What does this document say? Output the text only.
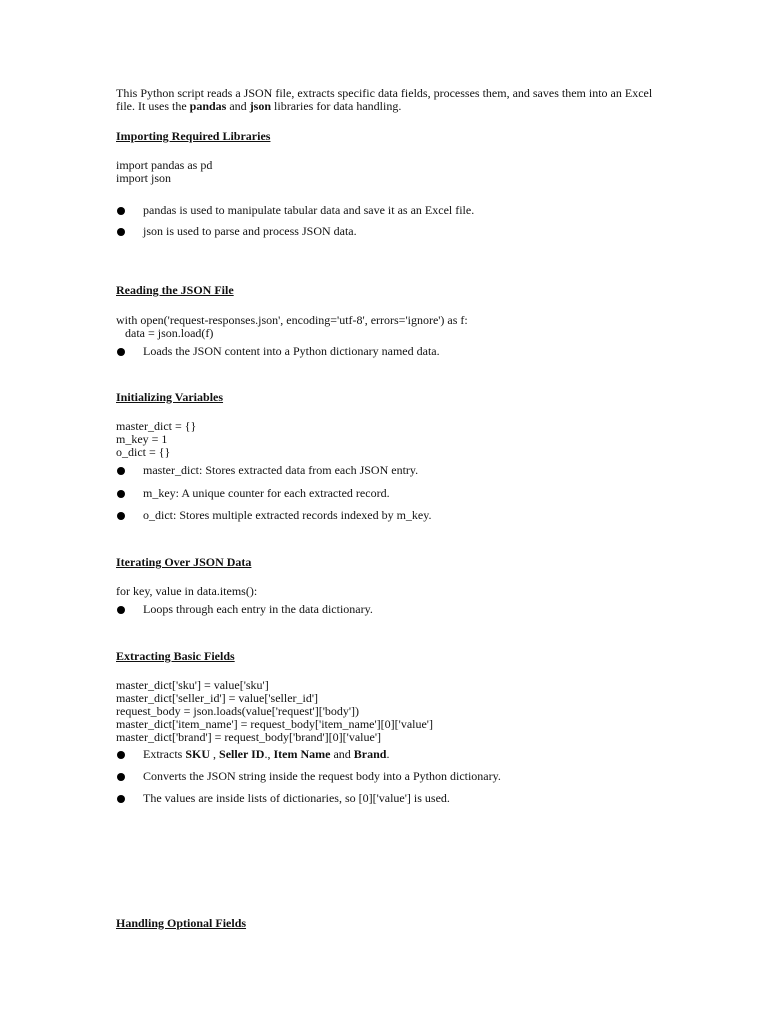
This Python script reads a JSON file, extracts specific data fields, processes them, and saves them into an Excel file. It uses the pandas and json libraries for data handling.
Importing Required Libraries
import pandas as pd
import json
pandas is used to manipulate tabular data and save it as an Excel file.
json is used to parse and process JSON data.
Reading the JSON File
with open('request-responses.json', encoding='utf-8', errors='ignore') as f:
data = json.load(f)
Loads the JSON content into a Python dictionary named data.
Initializing Variables
master_dict = {}
m_key = 1
o_dict = {}
master_dict: Stores extracted data from each JSON entry.
m_key: A unique counter for each extracted record.
o_dict: Stores multiple extracted records indexed by m_key.
Iterating Over JSON Data
for key, value in data.items():
Loops through each entry in the data dictionary.
Extracting Basic Fields
master_dict['sku'] = value['sku']
master_dict['seller_id'] = value['seller_id']
request_body = json.loads(value['request']['body'])
master_dict['item_name'] = request_body['item_name'][0]['value']
master_dict['brand'] = request_body['brand'][0]['value']
Extracts SKU , Seller ID., Item Name and Brand.
Converts the JSON string inside the request body into a Python dictionary.
The values are inside lists of dictionaries, so [0]['value'] is used.
Handling Optional Fields
